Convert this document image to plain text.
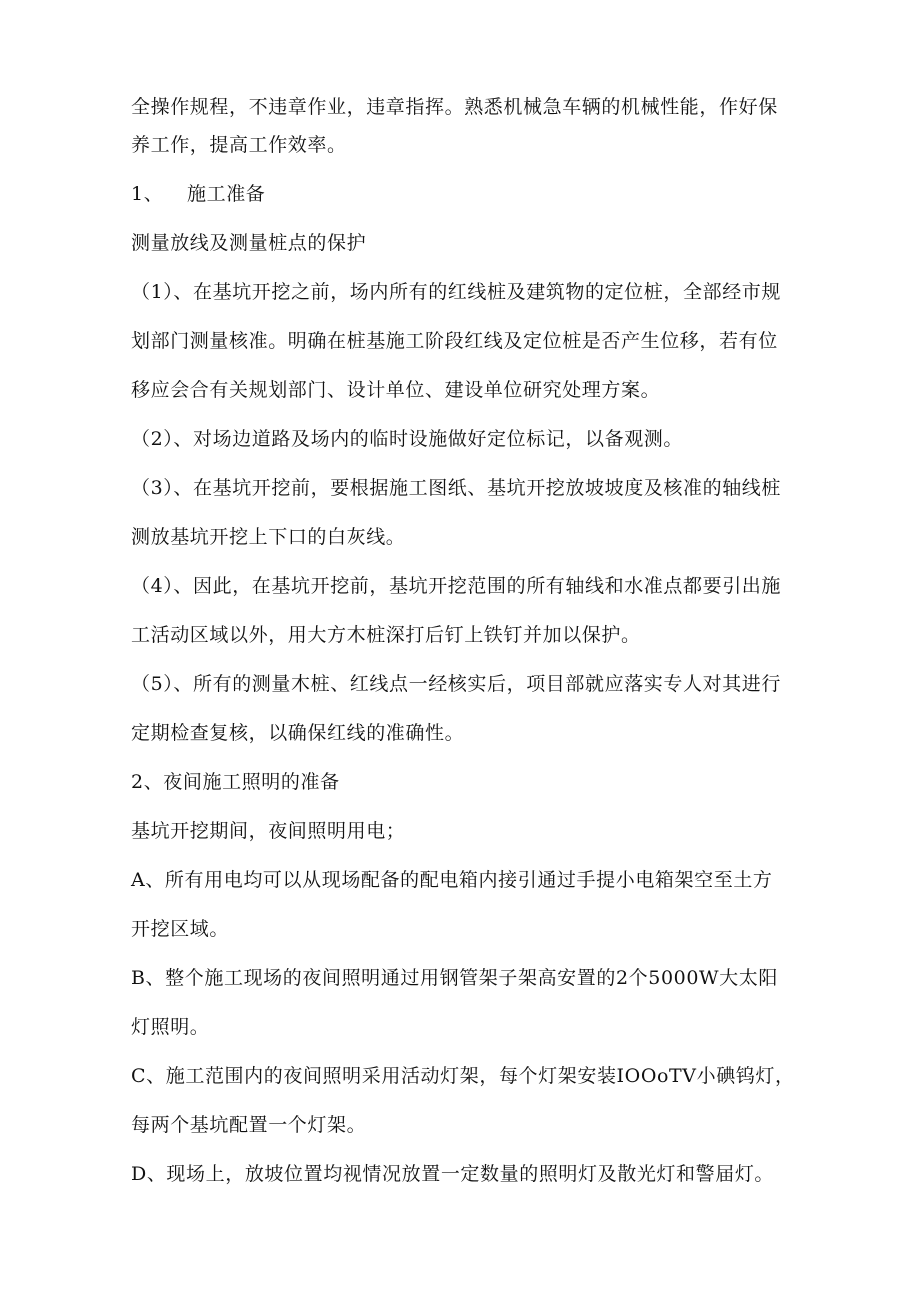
全操作规程，不违章作业，违章指挥。熟悉机械急车辆的机械性能，作好保
养工作，提高工作效率。
1、 施工准备
测量放线及测量桩点的保护
（1）、在基坑开挖之前，场内所有的红线桩及建筑物的定位桩，全部经市规
划部门测量核准。明确在桩基施工阶段红线及定位桩是否产生位移，若有位
移应会合有关规划部门、设计单位、建设单位研究处理方案。
（2）、对场边道路及场内的临时设施做好定位标记，以备观测。
（3）、在基坑开挖前，要根据施工图纸、基坑开挖放坡坡度及核准的轴线桩
测放基坑开挖上下口的白灰线。
（4）、因此，在基坑开挖前，基坑开挖范围的所有轴线和水准点都要引出施
工活动区域以外，用大方木桩深打后钉上铁钉并加以保护。
（5）、所有的测量木桩、红线点一经核实后，项目部就应落实专人对其进行
定期检查复核，以确保红线的准确性。
2、夜间施工照明的准备
基坑开挖期间，夜间照明用电；
A、所有用电均可以从现场配备的配电箱内接引通过手提小电箱架空至土方
开挖区域。
B、整个施工现场的夜间照明通过用钢管架子架高安置的2个5000W大太阳
灯照明。
C、施工范围内的夜间照明采用活动灯架，每个灯架安装IOOoTV小碘钨灯，
每两个基坑配置一个灯架。
D、现场上，放坡位置均视情况放置一定数量的照明灯及散光灯和警届灯。
